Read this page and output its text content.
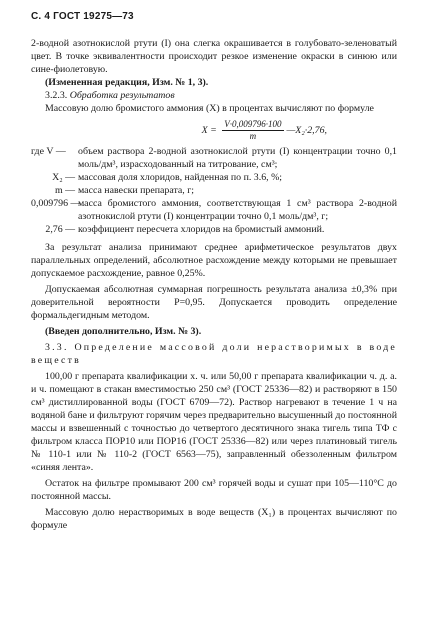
С. 4 ГОСТ 19275—73

2-водной азотнокислой ртути (I) она слегка окрашивается в голубовато-зеленоватый цвет. В точке эквивалентности происходит резкое изменение окраски в синюю или сине-фиолетовую.

(Измененная редакция, Изм. № 1, 3).

3.2.3. Обработка результатов

Массовую долю бромистого аммония (X) в процентах вычисляют по формуле

$X = \frac{V\cdot 0,009796\cdot 100}{m}$ —X₂·2,76,
где V —	объем раствора 2-водной азотнокислой ртути (I) концентрации точно 0,1 моль/дм³, израсходованный на титрование, см³;
X₂ — массовая доля хлоридов, найденная по п. 3.6, %;
m — масса навески препарата, г;
0,009796 —
масса бромистого аммония, соответствующая 1 см³ раствора 2-водной азотнокислой ртути (I) концентрации точно 0,1 моль/дм³, г;
2,76 — коэффициент пересчета хлоридов на бромистый аммоний.

За результат анализа принимают среднее арифметическое результатов двух параллельных определений, абсолютное расхождение между которыми не превышает допускаемое расхождение, равное 0,25%.

Допускаемая абсолютная суммарная погрешность результата анализа ±0,3% при доверительной вероятности P=0,95. Допускается проводить определение формальдегидным методом.

(Введен дополнительно, Изм. № 3).

3.3. Определение массовой доли нерастворимых в воде веществ

100,00 г препарата квалификации х. ч. или 50,00 г препарата квалификации ч. д. а. и ч. помещают в стакан вместимостью 250 см³ (ГОСТ 25336—82) и растворяют в 150 см³ дистиллированной воды (ГОСТ 6709—72). Раствор нагревают в течение 1 ч на водяной бане и фильтруют горячим через предварительно высушенный до постоянной массы и взвешенный с точностью до четвертого десятичного знака тигель типа ТФ с фильтром класса ПОР10 или ПОР16 (ГОСТ 25336—82) или через платиновый тигель № 110-1 или № 110-2 (ГОСТ 6563—75), заправленный обеззоленным фильтром «синяя лента».

Остаток на фильтре промывают 200 см³ горячей воды и сушат при 105—110°С до постоянной массы.

Массовую долю нерастворимых в воде веществ (X₁) в процентах вычисляют по формуле
